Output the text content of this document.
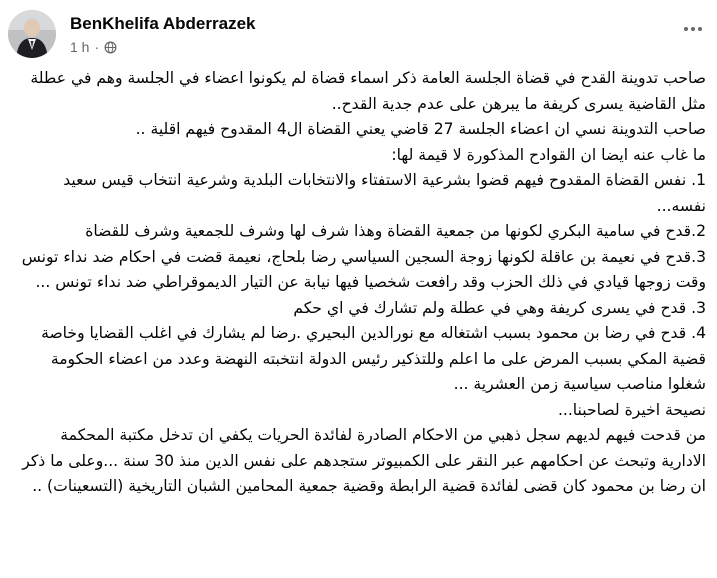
BenKhelifa Abderrazek
1 h ·

صاحب تدوينة القدح في قضاة الجلسة العامة ذكر اسماء قضاة لم يكونوا اعضاء في الجلسة وهم في عطلة مثل القاضية يسرى كريفة ما يبرهن على عدم جدية القدح..

صاحب التدوينة نسي ان اعضاء الجلسة 27 قاضي يعني القضاة ال4 المقدوح فيهم اقلية ..

ما غاب عنه ايضا ان القوادح المذكورة لا قيمة لها:

1. نفس القضاة المقدوح فيهم قضوا بشرعية الاستفتاء والانتخابات البلدية وشرعية انتخاب قيس سعيد نفسه...

2.قدح في سامية البكري لكونها من جمعية القضاة وهذا شرف لها وشرف للجمعية وشرف للقضاة

3.قدح في نعيمة بن عاقلة لكونها زوجة السجين السياسي رضا بلحاج، نعيمة قضت في احكام ضد نداء تونس وقت زوجها قيادي في ذلك الحزب وقد رافعت شخصيا فيها نيابة عن التيار الديموقراطي ضد نداء تونس ...

3. قدح في يسرى كريفة وهي في عطلة ولم تشارك في اي حكم

4. قدح في رضا بن محمود بسبب اشتغاله مع نورالدين البحيري .رضا لم يشارك في اغلب القضايا وخاصة قضية المكي بسبب المرض على ما اعلم وللتذكير رئيس الدولة انتخبته النهضة وعدد من اعضاء الحكومة شغلوا مناصب سياسية زمن العشرية ...

نصيحة اخيرة لصاحبنا...

من قدحت فيهم لديهم سجل ذهبي من الاحكام الصادرة لفائدة الحريات يكفي ان تدخل مكتبة المحكمة الادارية وتبحث عن احكامهم عبر النقر على الكمبيوتر ستجدهم على نفس الدين منذ 30 سنة ...وعلى ما ذكر ان رضا بن محمود كان قضى لفائدة قضية الرابطة وقضية جمعية المحامين الشبان التاريخية (التسعينات) ..
